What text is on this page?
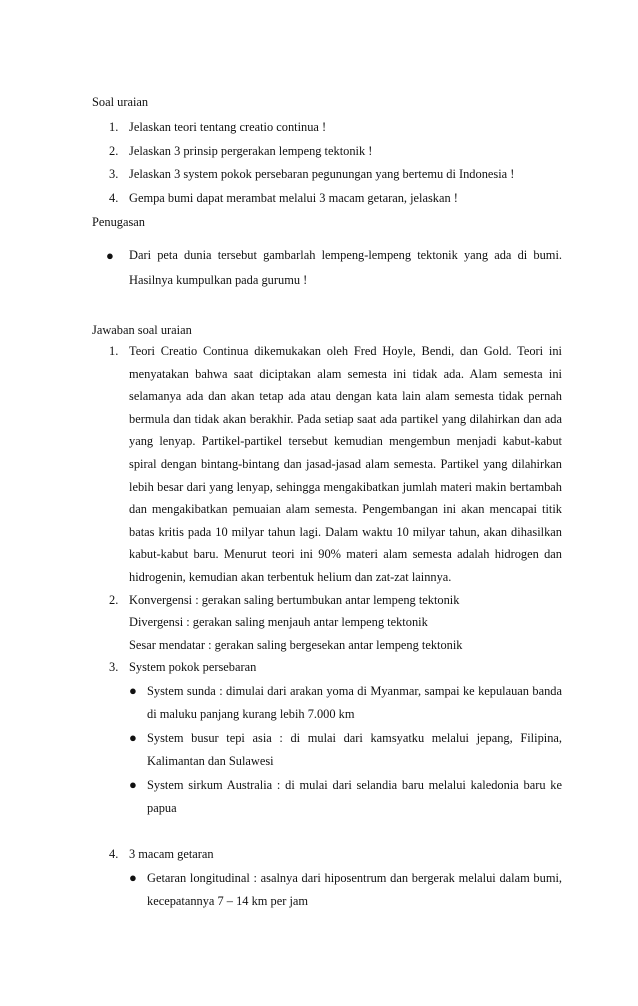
Soal uraian
1. Jelaskan teori tentang creatio continua !
2. Jelaskan 3 prinsip pergerakan lempeng tektonik !
3. Jelaskan 3 system pokok persebaran pegunungan yang bertemu di Indonesia !
4. Gempa bumi dapat merambat melalui 3 macam getaran, jelaskan !
Penugasan
● Dari peta dunia tersebut gambarlah lempeng-lempeng tektonik yang ada di bumi. Hasilnya kumpulkan pada gurumu !
Jawaban soal uraian
1. Teori Creatio Continua dikemukakan oleh Fred Hoyle, Bendi, dan Gold. Teori ini menyatakan bahwa saat diciptakan alam semesta ini tidak ada. Alam semesta ini selamanya ada dan akan tetap ada atau dengan kata lain alam semesta tidak pernah bermula dan tidak akan berakhir. Pada setiap saat ada partikel yang dilahirkan dan ada yang lenyap. Partikel-partikel tersebut kemudian mengembun menjadi kabut-kabut spiral dengan bintang-bintang dan jasad-jasad alam semesta. Partikel yang dilahirkan lebih besar dari yang lenyap, sehingga mengakibatkan jumlah materi makin bertambah dan mengakibatkan pemuaian alam semesta. Pengembangan ini akan mencapai titik batas kritis pada 10 milyar tahun lagi. Dalam waktu 10 milyar tahun, akan dihasilkan kabut-kabut baru. Menurut teori ini 90% materi alam semesta adalah hidrogen dan hidrogenin, kemudian akan terbentuk helium dan zat-zat lainnya.
2. Konvergensi : gerakan saling bertumbukan antar lempeng tektonik
Divergensi : gerakan saling menjauh antar lempeng tektonik
Sesar mendatar : gerakan saling bergesekan antar lempeng tektonik
3. System pokok persebaran
● System sunda : dimulai dari arakan yoma di Myanmar, sampai ke kepulauan banda di maluku panjang kurang lebih 7.000 km
● System busur tepi asia : di mulai dari kamsyatku melalui jepang, Filipina, Kalimantan dan Sulawesi
● System sirkum Australia : di mulai dari selandia baru melalui kaledonia baru ke papua
4. 3 macam getaran
● Getaran longitudinal : asalnya dari hiposentrum dan bergerak melalui dalam bumi, kecepatannya 7 – 14 km per jam
